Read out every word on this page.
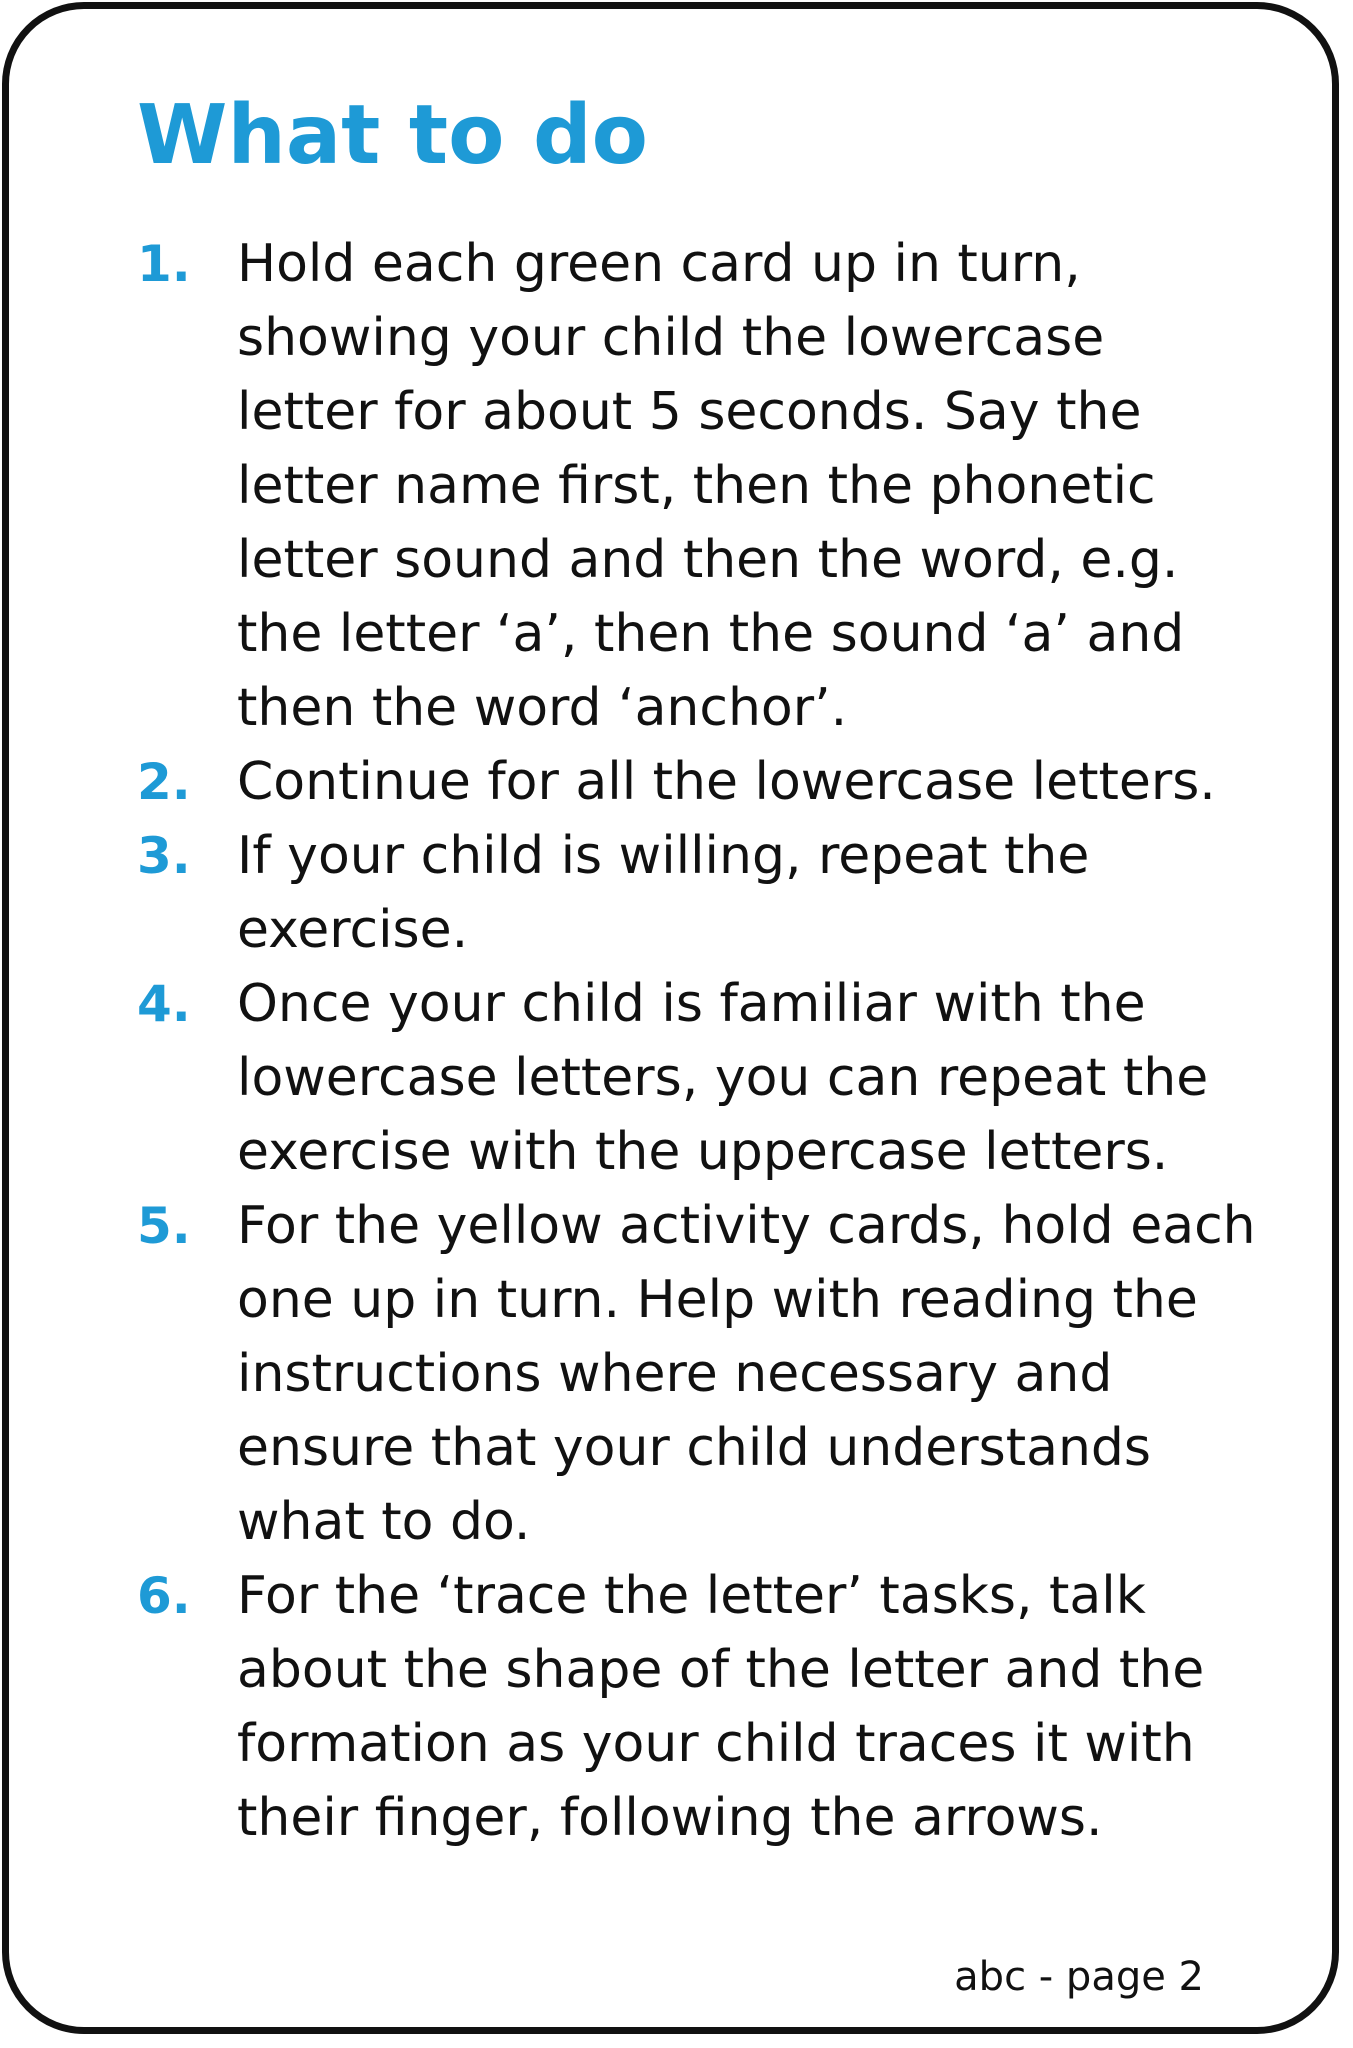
What to do
1. Hold each green card up in turn, showing your child the lowercase letter for about 5 seconds. Say the letter name first, then the phonetic letter sound and then the word, e.g. the letter ‘a’, then the sound ‘a’ and then the word ‘anchor’.
2. Continue for all the lowercase letters.
3. If your child is willing, repeat the exercise.
4. Once your child is familiar with the lowercase letters, you can repeat the exercise with the uppercase letters.
5. For the yellow activity cards, hold each one up in turn. Help with reading the instructions where necessary and ensure that your child understands what to do.
6. For the ‘trace the letter’ tasks, talk about the shape of the letter and the formation as your child traces it with their finger, following the arrows.
abc - page 2
